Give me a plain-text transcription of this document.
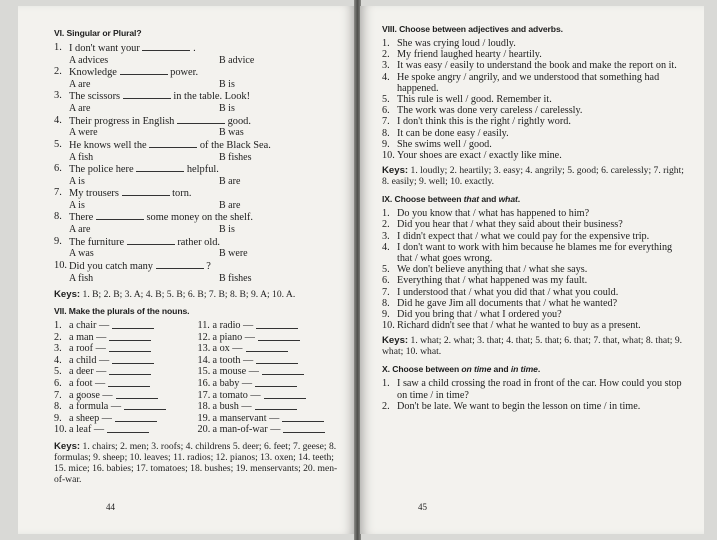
VI. Singular or Plural?
1. I don't want your	.
A advices	B advice
2. Knowledge	power.
A are	B is
3. The scissors	in the table. Look!
A are	B is
4. Their progress in English	good.
A were	B was
5. He knows well the	of the Black Sea.
A fish	B fishes
6. The police here	helpful.
A is	B are
7. My trousers	torn.
A is	B are
8. There	some money on the shelf.
A are	B is
9. The furniture	rather old.
A was	B were
10. Did you catch many	?
A fish	B fishes
Keys: 1. B; 2. B; 3. A; 4. B; 5. B; 6. B; 7. B; 8. B; 9. A; 10. A.
VII. Make the plurals of the nouns.
1. a chair —
2. a man —
3. a roof —
4. a child —
5. a deer —
6. a foot —
7. a goose —
8. a formula —
9. a sheep —
10. a leaf —
11. a radio —
12. a piano —
13. a ox —
14. a tooth —
15. a mouse —
16. a baby —
17. a tomato —
18. a bush —
19. a manservant —
20. a man-of-war —
Keys: 1. chairs; 2. men; 3. roofs; 4. childrens 5. deer; 6. feet; 7. geese; 8. formulas; 9. sheep; 10. leaves; 11. radios; 12. pianos; 13. oxen; 14. teeth; 15. mice; 16. babies; 17. tomatoes; 18. bushes; 19. menservants; 20. men-of-war.
44
VIII. Choose between adjectives and adverbs.
1. She was crying loud / loudly.
2. My friend laughed hearty / heartily.
3. It was easy / easily to understand the book and make the report on it.
4. He spoke angry / angrily, and we understood that something had happened.
5. This rule is well / good. Remember it.
6. The work was done very careless / carelessly.
7. I don't think this is the right / rightly word.
8. It can be done easy / easily.
9. She swims well / good.
10. Your shoes are exact / exactly like mine.
Keys: 1. loudly; 2. heartily; 3. easy; 4. angrily; 5. good; 6. carelessly; 7. right; 8. easily; 9. well; 10. exactly.
IX. Choose between that and what.
1. Do you know that / what has happened to him?
2. Did you hear that / what they said about their business?
3. I didn't expect that / what we could pay for the expensive trip.
4. I don't want to work with him because he blames me for everything that / what goes wrong.
5. We don't believe anything that / what she says.
6. Everything that / what happened was my fault.
7. I understood that / what you did that / what you could.
8. Did he gave Jim all documents that / what he wanted?
9. Did you bring that / what I ordered you?
10. Richard didn't see that / what he wanted to buy as a present.
Keys: 1. what; 2. what; 3. that; 4. that; 5. that; 6. that; 7. that, what; 8. that; 9. what; 10. what.
X. Choose between on time and in time.
1. I saw a child crossing the road in front of the car. How could you stop on time / in time?
2. Don't be late. We want to begin the lesson on time / in time.
45
